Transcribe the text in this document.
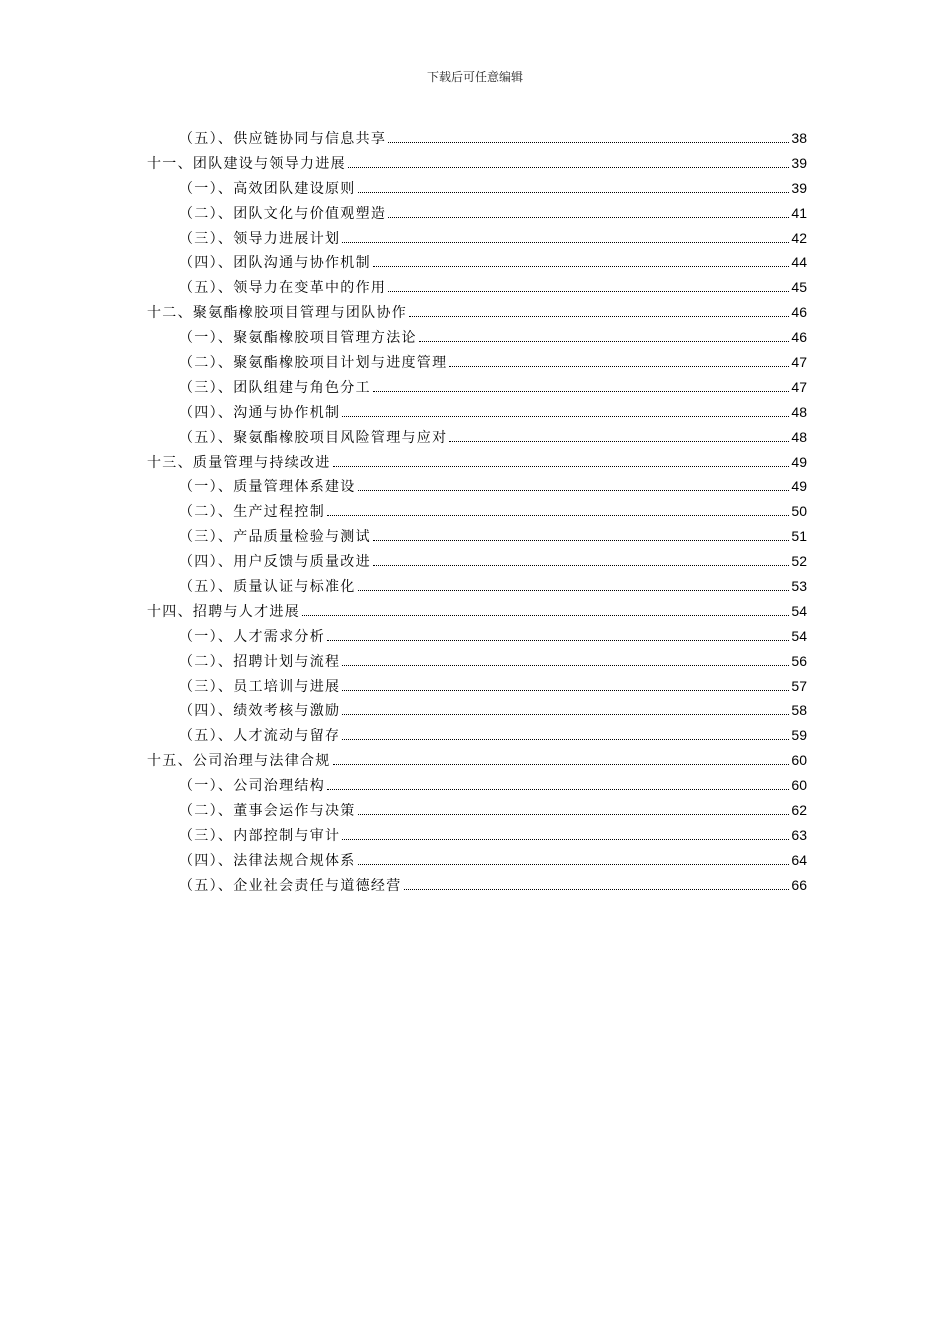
下载后可任意编辑
（五）、供应链协同与信息共享	38
十一、团队建设与领导力进展	39
（一）、高效团队建设原则	39
（二）、团队文化与价值观塑造	41
（三）、领导力进展计划	42
（四）、团队沟通与协作机制	44
（五）、领导力在变革中的作用	45
十二、聚氨酯橡胶项目管理与团队协作	46
（一）、聚氨酯橡胶项目管理方法论	46
（二）、聚氨酯橡胶项目计划与进度管理	47
（三）、团队组建与角色分工	47
（四）、沟通与协作机制	48
（五）、聚氨酯橡胶项目风险管理与应对	48
十三、质量管理与持续改进	49
（一）、质量管理体系建设	49
（二）、生产过程控制	50
（三）、产品质量检验与测试	51
（四）、用户反馈与质量改进	52
（五）、质量认证与标准化	53
十四、招聘与人才进展	54
（一）、人才需求分析	54
（二）、招聘计划与流程	56
（三）、员工培训与进展	57
（四）、绩效考核与激励	58
（五）、人才流动与留存	59
十五、公司治理与法律合规	60
（一）、公司治理结构	60
（二）、董事会运作与决策	62
（三）、内部控制与审计	63
（四）、法律法规合规体系	64
（五）、企业社会责任与道德经营	66
